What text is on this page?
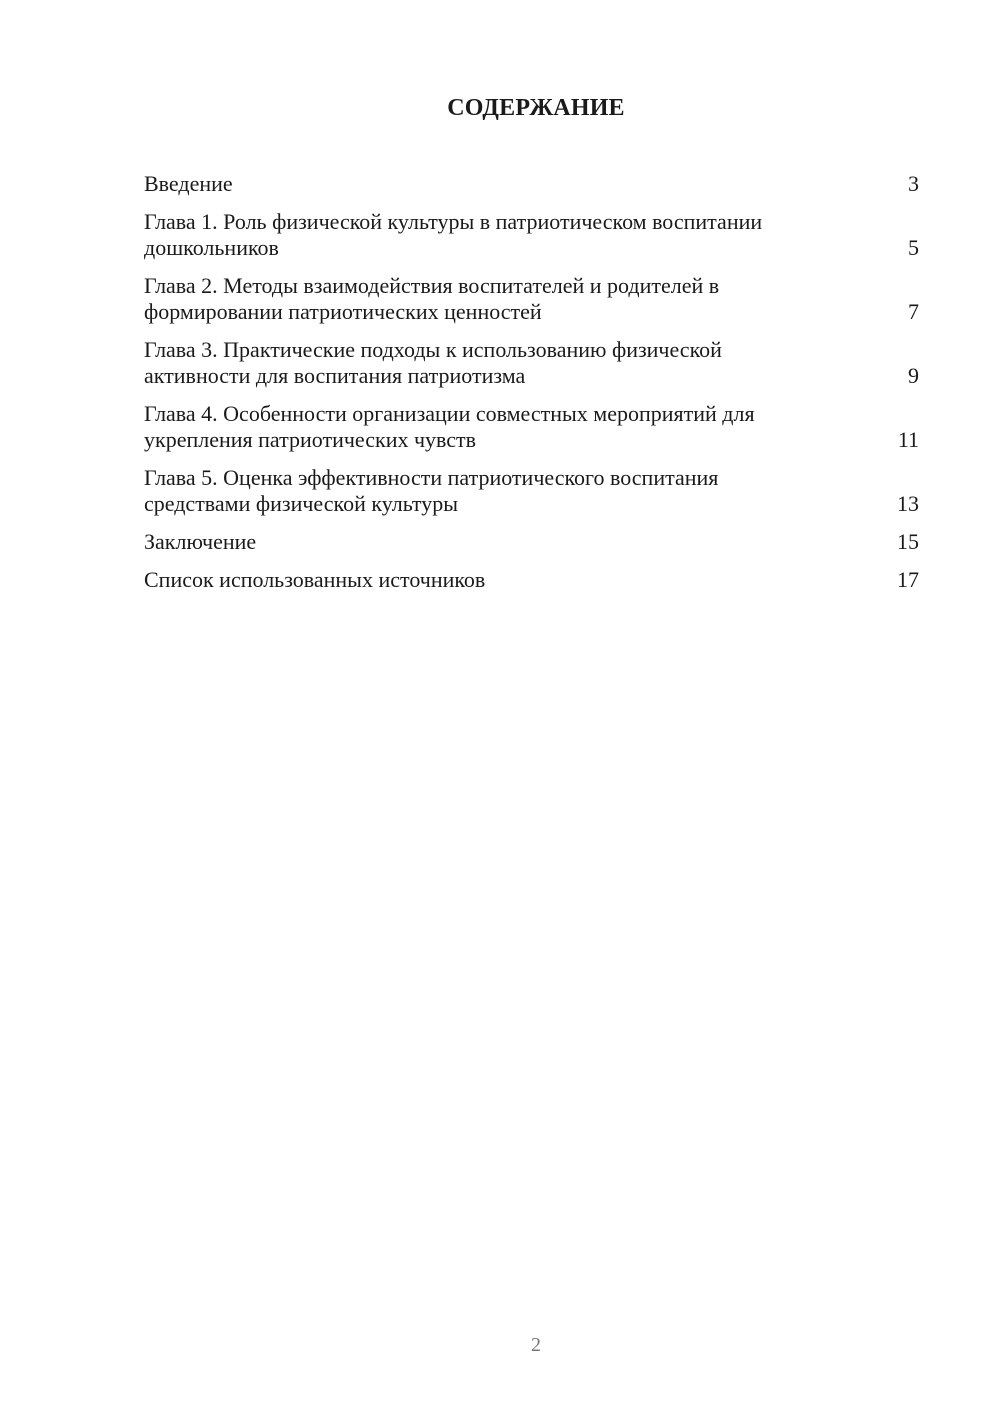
СОДЕРЖАНИЕ
Введение	3
Глава 1. Роль физической культуры в патриотическом воспитании дошкольников	5
Глава 2. Методы взаимодействия воспитателей и родителей в формировании патриотических ценностей	7
Глава 3. Практические подходы к использованию физической активности для воспитания патриотизма	9
Глава 4. Особенности организации совместных мероприятий для укрепления патриотических чувств	11
Глава 5. Оценка эффективности патриотического воспитания средствами физической культуры	13
Заключение	15
Список использованных источников	17
2
